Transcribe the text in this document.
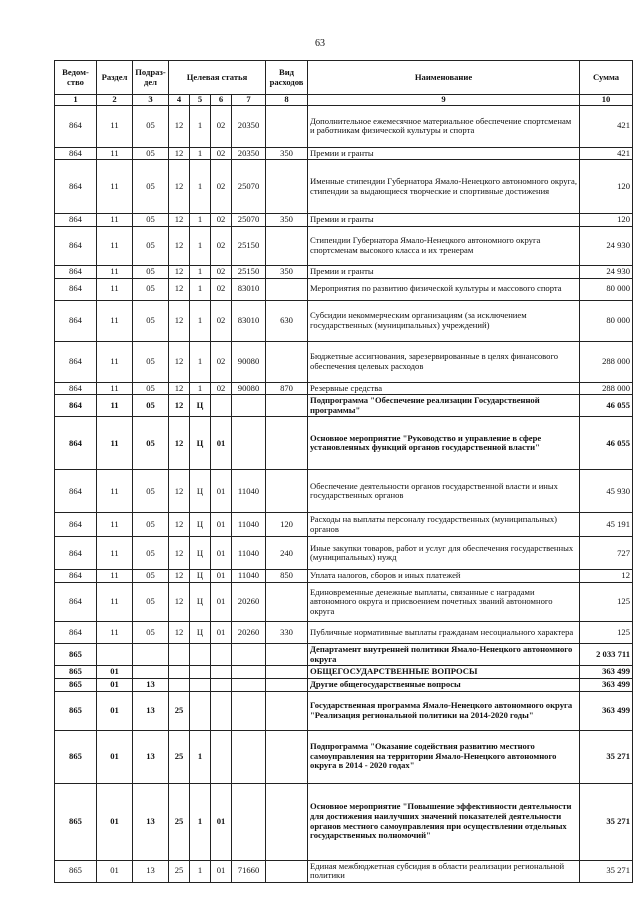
63
Ведом-ство	Раздел	Подраз-дел	Целевая статья				Вид расходов	Наименование	Сумма
1	2	3	4	5	6	7	8	9	10
864	11	05	12	1	02	20350		Дополнительное ежемесячное материальное обеспечение спортсменам и работникам физической культуры и спорта	421
864	11	05	12	1	02	20350	350	Премии и гранты	421
864	11	05	12	1	02	25070		Именные стипендии Губернатора Ямало-Ненецкого автономного округа, стипендии за выдающиеся творческие и спортивные достижения	120
864	11	05	12	1	02	25070	350	Премии и гранты	120
864	11	05	12	1	02	25150		Стипендии Губернатора Ямало-Ненецкого автономного округа спортсменам высокого класса и их тренерам	24 930
864	11	05	12	1	02	25150	350	Премии и гранты	24 930
864	11	05	12	1	02	83010		Мероприятия по развитию физической культуры и массового спорта	80 000
864	11	05	12	1	02	83010	630	Субсидии некоммерческим организациям (за исключением государственных (муниципальных) учреждений)	80 000
864	11	05	12	1	02	90080		Бюджетные ассигнования, зарезервированные в целях финансового обеспечения целевых расходов	288 000
864	11	05	12	1	02	90080	870	Резервные средства	288 000
864	11	05	12	Ц				Подпрограмма "Обеспечение реализации Государственной программы"	46 055
864	11	05	12	Ц	01			Основное мероприятие "Руководство и управление в сфере установленных функций органов государственной власти"	46 055
864	11	05	12	Ц	01	11040		Обеспечение деятельности органов государственной власти и иных государственных органов	45 930
864	11	05	12	Ц	01	11040	120	Расходы на выплаты персоналу государственных (муниципальных) органов	45 191
864	11	05	12	Ц	01	11040	240	Иные закупки товаров, работ и услуг для обеспечения государственных (муниципальных) нужд	727
864	11	05	12	Ц	01	11040	850	Уплата налогов, сборов и иных платежей	12
864	11	05	12	Ц	01	20260		Единовременные денежные выплаты, связанные с наградами автономного округа и присвоением почетных званий автономного округа	125
864	11	05	12	Ц	01	20260	330	Публичные нормативные выплаты гражданам несоциального характера	125
865								Департамент внутренней политики Ямало-Ненецкого автономного округа	2 033 711
865	01							ОБЩЕГОСУДАРСТВЕННЫЕ ВОПРОСЫ	363 499
865	01	13						Другие общегосударственные вопросы	363 499
865	01	13	25					Государственная программа Ямало-Ненецкого автономного округа "Реализация региональной политики на 2014-2020 годы"	363 499
865	01	13	25	1				Подпрограмма "Оказание содействия развитию местного самоуправления на территории Ямало-Ненецкого автономного округа в 2014 - 2020 годах"	35 271
865	01	13	25	1	01			Основное мероприятие "Повышение эффективности деятельности для достижения наилучших значений показателей деятельности органов местного самоуправления при осуществлении отдельных государственных полномочий"	35 271
865	01	13	25	1	01	71660		Единая межбюджетная субсидия в области реализации региональной политики	35 271
